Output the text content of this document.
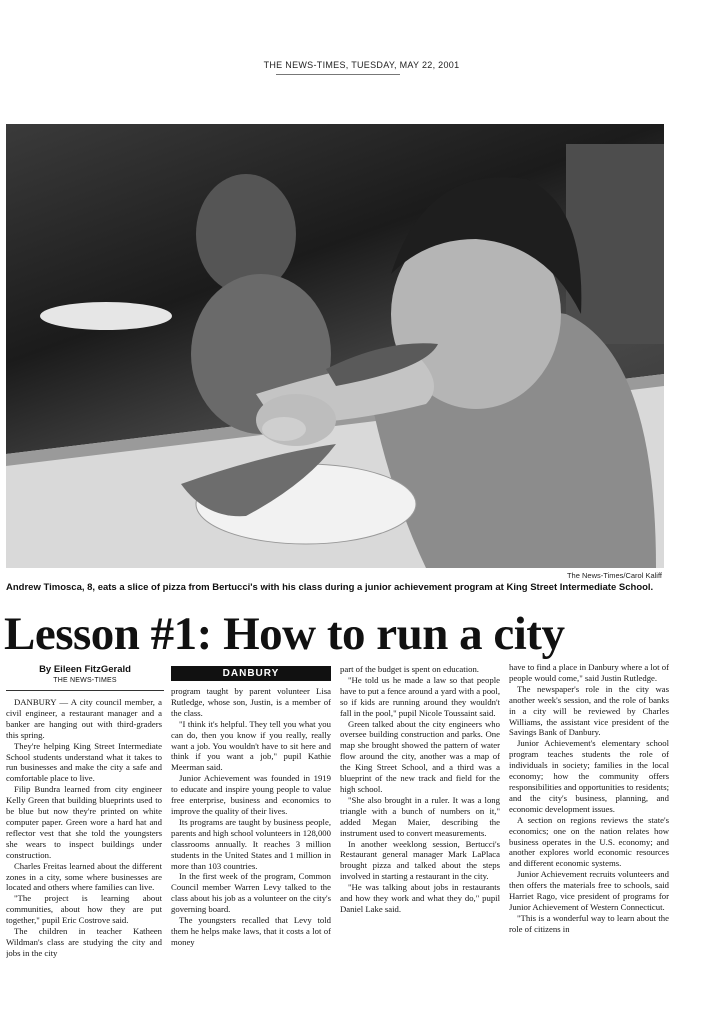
THE NEWS-TIMES, TUESDAY, MAY 22, 2001
The News-Times/Carol Kaliff
Andrew Timosca, 8, eats a slice of pizza from Bertucci's with his class during a junior achievement program at King Street Intermediate School.
Lesson #1: How to run a city
By Eileen FitzGerald
THE NEWS-TIMES
DANBURY

DANBURY — A city council member, a civil engineer, a restaurant manager and a banker are hanging out with third-graders this spring.

They're helping King Street Intermediate School students understand what it takes to run businesses and make the city a safe and comfortable place to live.

Filip Bundra learned from city engineer Kelly Green that building blueprints used to be blue but now they're printed on white computer paper. Green wore a hard hat and reflector vest that she told the youngsters she wears to inspect buildings under construction.

Charles Freitas learned about the different zones in a city, some where businesses are located and others where families can live.

"The project is learning about communities, about how they are put together," pupil Eric Costrove said.

The children in teacher Katheen Wildman's class are studying the city and jobs in the city

program taught by parent volunteer Lisa Rutledge, whose son, Justin, is a member of the class.

"I think it's helpful. They tell you what you can do, then you know if you really, really want a job. You wouldn't have to sit here and think if you want a job," pupil Kathie Meerman said.

Junior Achievement was founded in 1919 to educate and inspire young people to value free enterprise, business and economics to improve the quality of their lives.

Its programs are taught by business people, parents and high school volunteers in 128,000 classrooms annually. It reaches 3 million students in the United States and 1 million in more than 103 countries.

In the first week of the program, Common Council member Warren Levy talked to the class about his job as a volunteer on the city's governing board.

The youngsters recalled that Levy told them he helps make laws, that it costs a lot of money

part of the budget is spent on education.

"He told us he made a law so that people have to put a fence around a yard with a pool, so if kids are running around they wouldn't fall in the pool," pupil Nicole Toussaint said.

Green talked about the city engineers who oversee building construction and parks. One map she brought showed the pattern of water flow around the city, another was a map of the King Street School, and a third was a blueprint of the new track and field for the high school.

"She also brought in a ruler. It was a long triangle with a bunch of numbers on it," added Megan Maier, describing the instrument used to convert measurements.

In another weeklong session, Bertucci's Restaurant general manager Mark LaPlaca brought pizza and talked about the steps involved in starting a restaurant in the city.

"He was talking about jobs in restaurants and how they work and what they do," pupil Daniel Lake said.

have to find a place in Danbury where a lot of people would come," said Justin Rutledge.

The newspaper's role in the city was another week's session, and the role of banks in a city will be reviewed by Charles Williams, the assistant vice president of the Savings Bank of Danbury.

Junior Achievement's elementary school program teaches students the role of individuals in society; families in the local economy; how the community offers responsibilities and opportunities to residents; and the city's business, planning, and economic development issues.

A section on regions reviews the state's economics; one on the nation relates how business operates in the U.S. economy; and another explores world economic resources and different economic systems.

Junior Achievement recruits volunteers and then offers the materials free to schools, said Harriet Rago, vice president of programs for Junior Achievement of Western Connecticut.

"This is a wonderful way to learn about the role of citizens in
